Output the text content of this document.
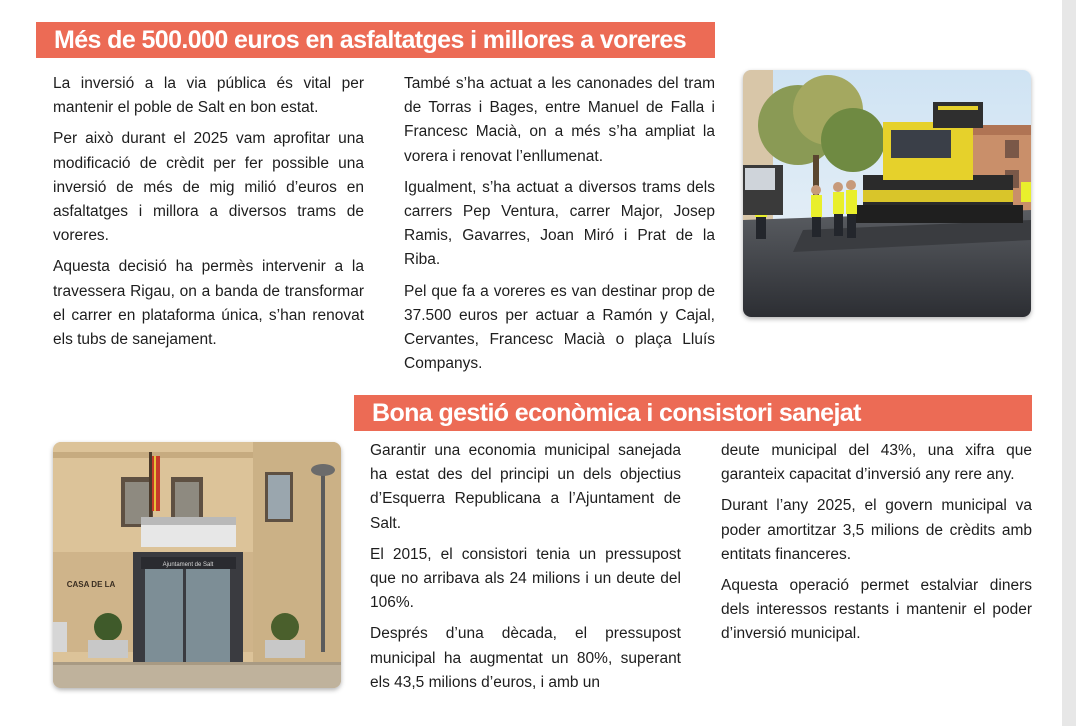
Més de 500.000 euros en asfaltatges i millores a voreres

La inversió a la via pública és vital per mantenir el poble de Salt en bon estat.

Per això durant el 2025 vam aprofitar una modificació de crèdit per fer possible una inversió de més de mig milió d’euros en asfaltatges i millora a diversos trams de voreres.

Aquesta decisió ha permès intervenir a la travessera Rigau, on a banda de transformar el carrer en plataforma única, s’han renovat els tubs de sanejament.

També s’ha actuat a les canonades del tram de Torras i Bages, entre Manuel de Falla i Francesc Macià, on a més s’ha ampliat la vorera i renovat l’enllumenat.

Igualment, s’ha actuat a diversos trams dels carrers Pep Ventura, carrer Major, Josep Ramis, Gavarres, Joan Miró i Prat de la Riba.

Pel que fa a voreres es van destinar prop de 37.500 euros per actuar a Ramón y Cajal, Cervantes, Francesc Macià o plaça Lluís Companys.

Bona gestió econòmica i consistori sanejat
Ajuntament de Salt
CASA DE LA

Garantir una economia municipal sanejada ha estat des del principi un dels objectius d’Esquerra Republicana a l’Ajuntament de Salt.

El 2015, el consistori tenia un pressupost que no arribava als 24 milions i un deute del 106%.

Després d’una dècada, el pressupost municipal ha augmentat un 80%, superant els 43,5 milions d’euros, i amb un

deute municipal del 43%, una xifra que garanteix capacitat d’inversió any rere any.

Durant l’any 2025, el govern municipal va poder amortitzar 3,5 milions de crèdits amb entitats financeres.

Aquesta operació permet estalviar diners dels interessos restants i mantenir el poder d’inversió municipal.
